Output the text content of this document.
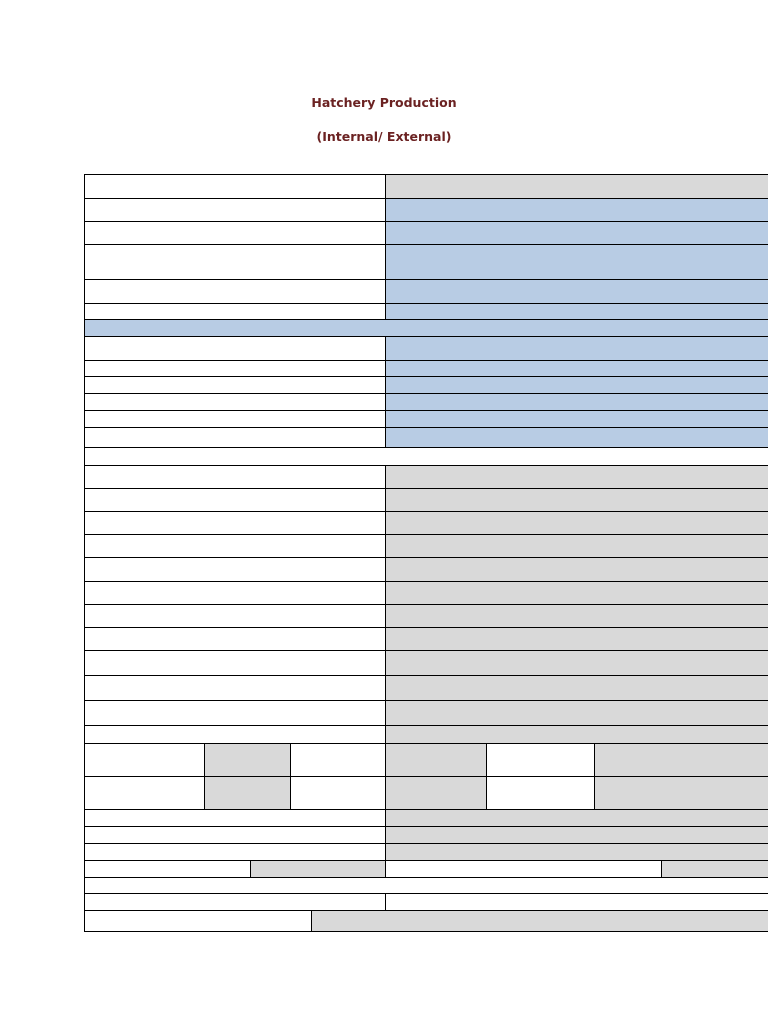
Hatchery Production
(Internal/ External)
